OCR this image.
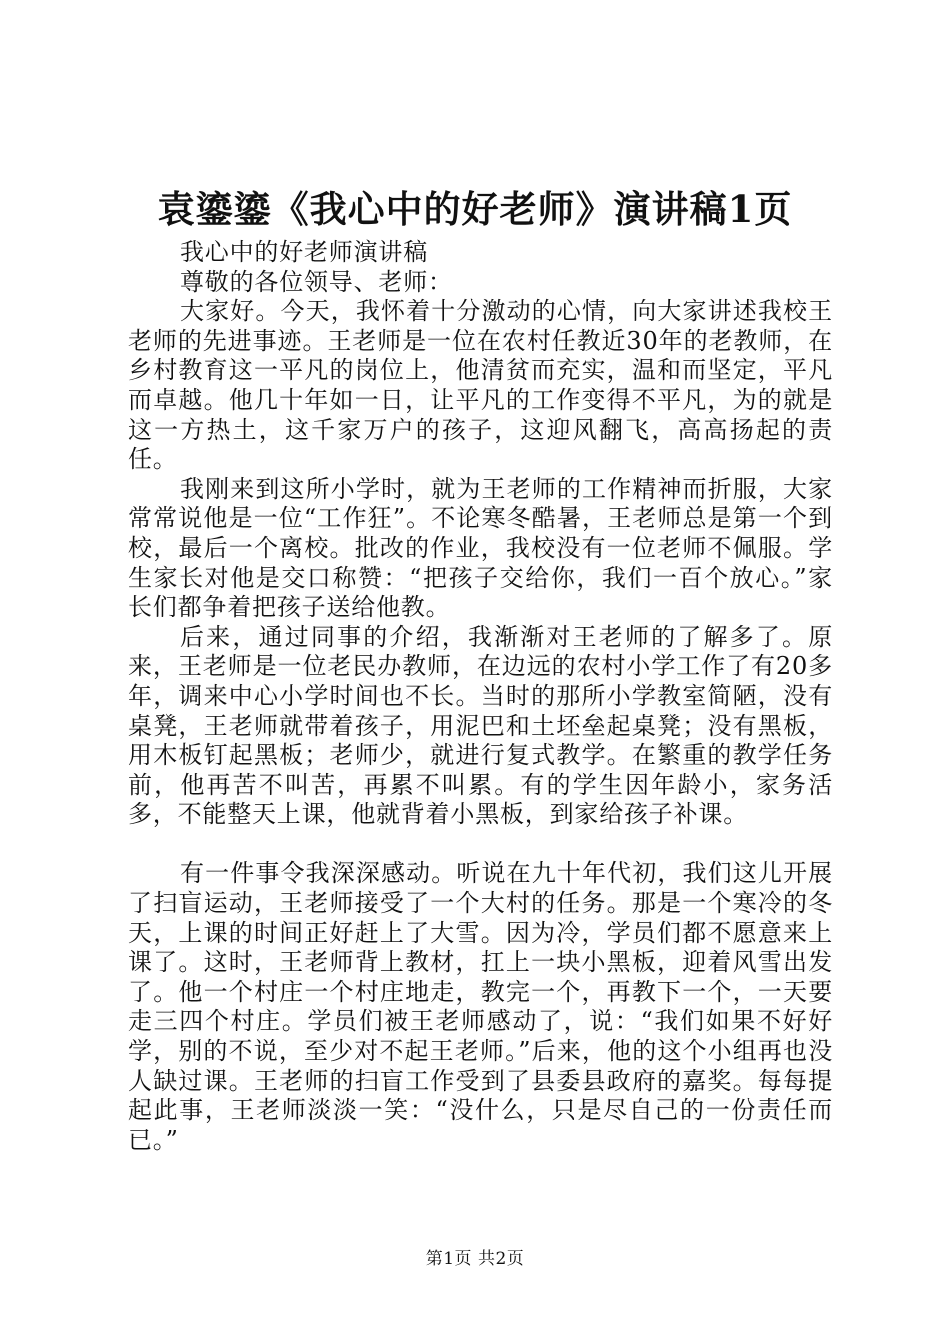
袁鎏鎏《我心中的好老师》演讲稿1页

我心中的好老师演讲稿

尊敬的各位领导、老师：

大家好。今天，我怀着十分激动的心情，向大家讲述我校王老师的先进事迹。王老师是一位在农村任教近30年的老教师，在乡村教育这一平凡的岗位上，他清贫而充实，温和而坚定，平凡而卓越。他几十年如一日，让平凡的工作变得不平凡，为的就是这一方热土，这千家万户的孩子，这迎风翻飞，高高扬起的责任。

我刚来到这所小学时，就为王老师的工作精神而折服，大家常常说他是一位“工作狂”。不论寒冬酷暑，王老师总是第一个到校，最后一个离校。批改的作业，我校没有一位老师不佩服。学生家长对他是交口称赞：“把孩子交给你，我们一百个放心。”家长们都争着把孩子送给他教。

后来，通过同事的介绍，我渐渐对王老师的了解多了。原来，王老师是一位老民办教师，在边远的农村小学工作了有20多年，调来中心小学时间也不长。当时的那所小学教室简陋，没有桌凳，王老师就带着孩子，用泥巴和土坯垒起桌凳；没有黑板，用木板钉起黑板；老师少，就进行复式教学。在繁重的教学任务前，他再苦不叫苦，再累不叫累。有的学生因年龄小，家务活多，不能整天上课，他就背着小黑板，到家给孩子补课。

有一件事令我深深感动。听说在九十年代初，我们这儿开展了扫盲运动，王老师接受了一个大村的任务。那是一个寒冷的冬天，上课的时间正好赶上了大雪。因为冷，学员们都不愿意来上课了。这时，王老师背上教材，扛上一块小黑板，迎着风雪出发了。他一个村庄一个村庄地走，教完一个，再教下一个，一天要走三四个村庄。学员们被王老师感动了，说：“我们如果不好好学，别的不说，至少对不起王老师。”后来，他的这个小组再也没人缺过课。王老师的扫盲工作受到了县委县政府的嘉奖。每每提起此事，王老师淡淡一笑：“没什么，只是尽自己的一份责任而已。”

第1页 共2页
